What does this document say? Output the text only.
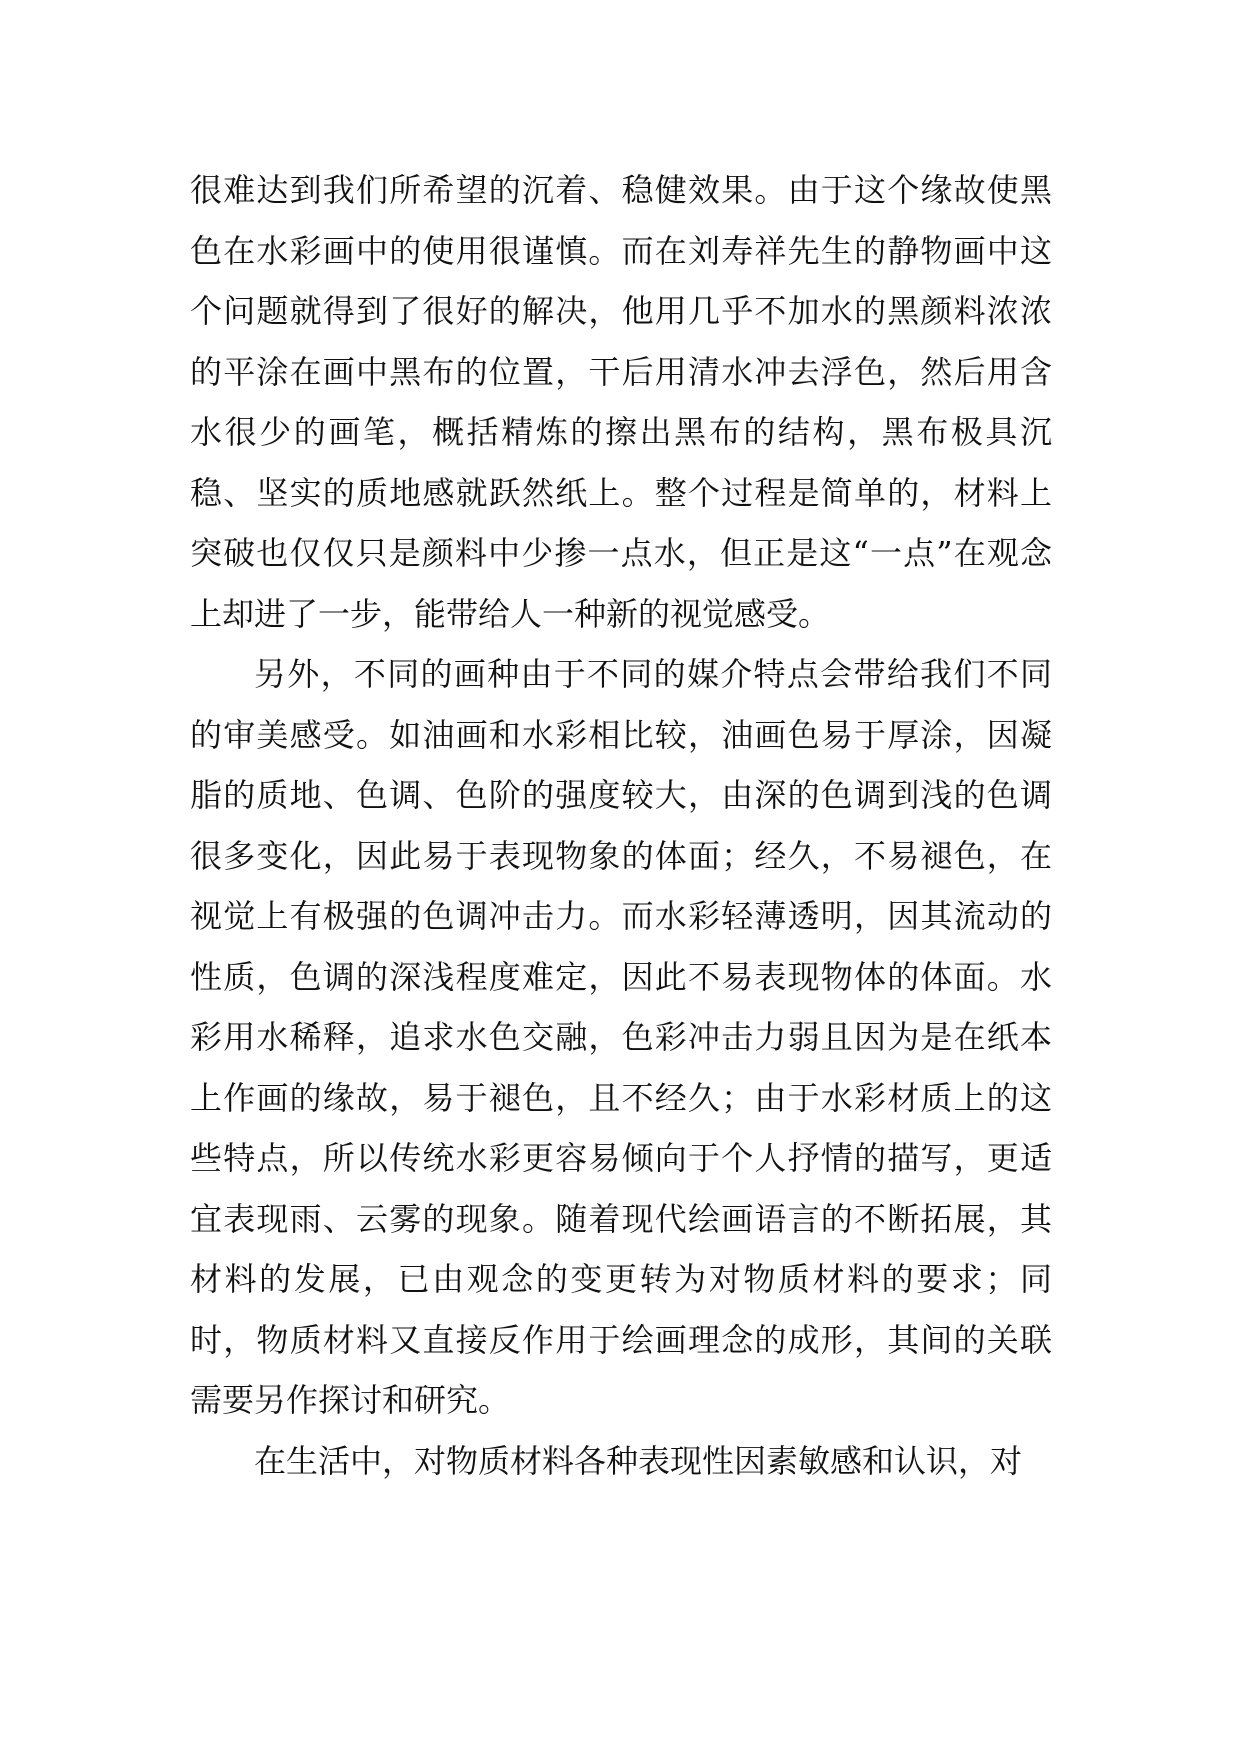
很难达到我们所希望的沉着、稳健效果。由于这个缘故使黑色在水彩画中的使用很谨慎。而在刘寿祥先生的静物画中这个问题就得到了很好的解决，他用几乎不加水的黑颜料浓浓的平涂在画中黑布的位置，干后用清水冲去浮色，然后用含水很少的画笔，概括精炼的擦出黑布的结构，黑布极具沉稳、坚实的质地感就跃然纸上。整个过程是简单的，材料上突破也仅仅只是颜料中少掺一点水，但正是这“一点”在观念上却进了一步，能带给人一种新的视觉感受。

另外，不同的画种由于不同的媒介特点会带给我们不同的审美感受。如油画和水彩相比较，油画色易于厚涂，因凝脂的质地、色调、色阶的强度较大，由深的色调到浅的色调很多变化，因此易于表现物象的体面；经久，不易褪色，在视觉上有极强的色调冲击力。而水彩轻薄透明，因其流动的性质，色调的深浅程度难定，因此不易表现物体的体面。水彩用水稀释，追求水色交融，色彩冲击力弱且因为是在纸本上作画的缘故，易于褪色，且不经久；由于水彩材质上的这些特点，所以传统水彩更容易倾向于个人抒情的描写，更适宜表现雨、云雾的现象。随着现代绘画语言的不断拓展，其材料的发展，已由观念的变更转为对物质材料的要求；同时，物质材料又直接反作用于绘画理念的成形，其间的关联需要另作探讨和研究。

在生活中，对物质材料各种表现性因素敏感和认识，对
